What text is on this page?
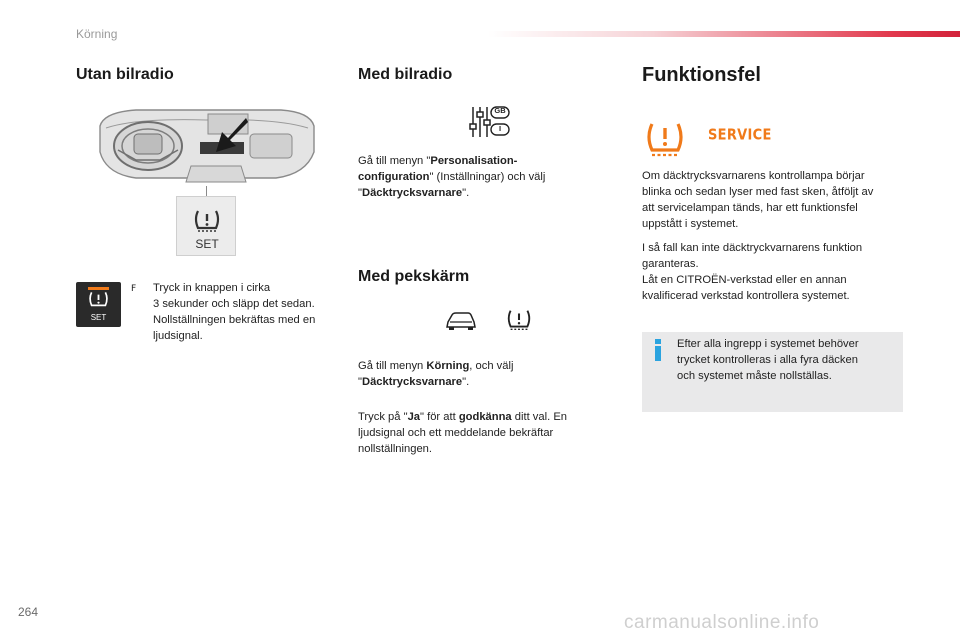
Körning
Utan bilradio
SET
SET
F Tryck in knappen i cirka
3 sekunder och släpp det sedan.
Nollställningen bekräftas med en
ljudsignal.
Med bilradio
GB
I
Gå till menyn "Personalisation-
configuration" (Inställningar) och välj
"Däcktrycksvarnare".
Med pekskärm
Gå till menyn Körning, och välj
"Däcktrycksvarnare".
Tryck på "Ja" för att godkänna ditt val. En
ljudsignal och ett meddelande bekräftar
nollställningen.
Funktionsfel
SERVICE
Om däcktrycksvarnarens kontrollampa börjar
blinka och sedan lyser med fast sken, åtföljt av
att servicelampan tänds, har ett funktionsfel
uppstått i systemet.
I så fall kan inte däcktryckvarnarens funktion
garanteras.
Låt en CITROËN-verkstad eller en annan
kvalificerad verkstad kontrollera systemet.
Efter alla ingrepp i systemet behöver
trycket kontrolleras i alla fyra däcken
och systemet måste nollställas.
264	carmanualsonline.info
